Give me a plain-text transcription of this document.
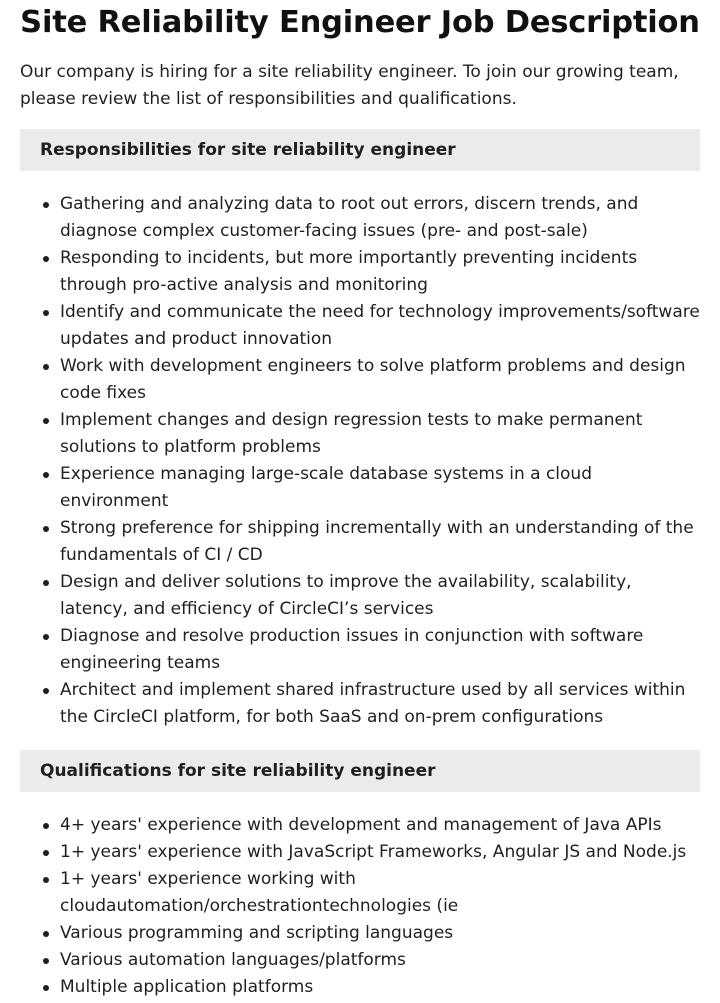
Site Reliability Engineer Job Description

Our company is hiring for a site reliability engineer. To join our growing team, please review the list of responsibilities and qualifications.

Responsibilities for site reliability engineer
Gathering and analyzing data to root out errors, discern trends, and diagnose complex customer-facing issues (pre- and post-sale)
Responding to incidents, but more importantly preventing incidents through pro-active analysis and monitoring
Identify and communicate the need for technology improvements/software updates and product innovation
Work with development engineers to solve platform problems and design code fixes
Implement changes and design regression tests to make permanent solutions to platform problems
Experience managing large-scale database systems in a cloud environment
Strong preference for shipping incrementally with an understanding of the fundamentals of CI / CD
Design and deliver solutions to improve the availability, scalability, latency, and efficiency of CircleCI’s services
Diagnose and resolve production issues in conjunction with software engineering teams
Architect and implement shared infrastructure used by all services within the CircleCI platform, for both SaaS and on-prem configurations
Qualifications for site reliability engineer
4+ years' experience with development and management of Java APIs
1+ years' experience with JavaScript Frameworks, Angular JS and Node.js
1+ years' experience working with cloudautomation/orchestrationtechnologies (ie
Various programming and scripting languages
Various automation languages/platforms
Multiple application platforms
